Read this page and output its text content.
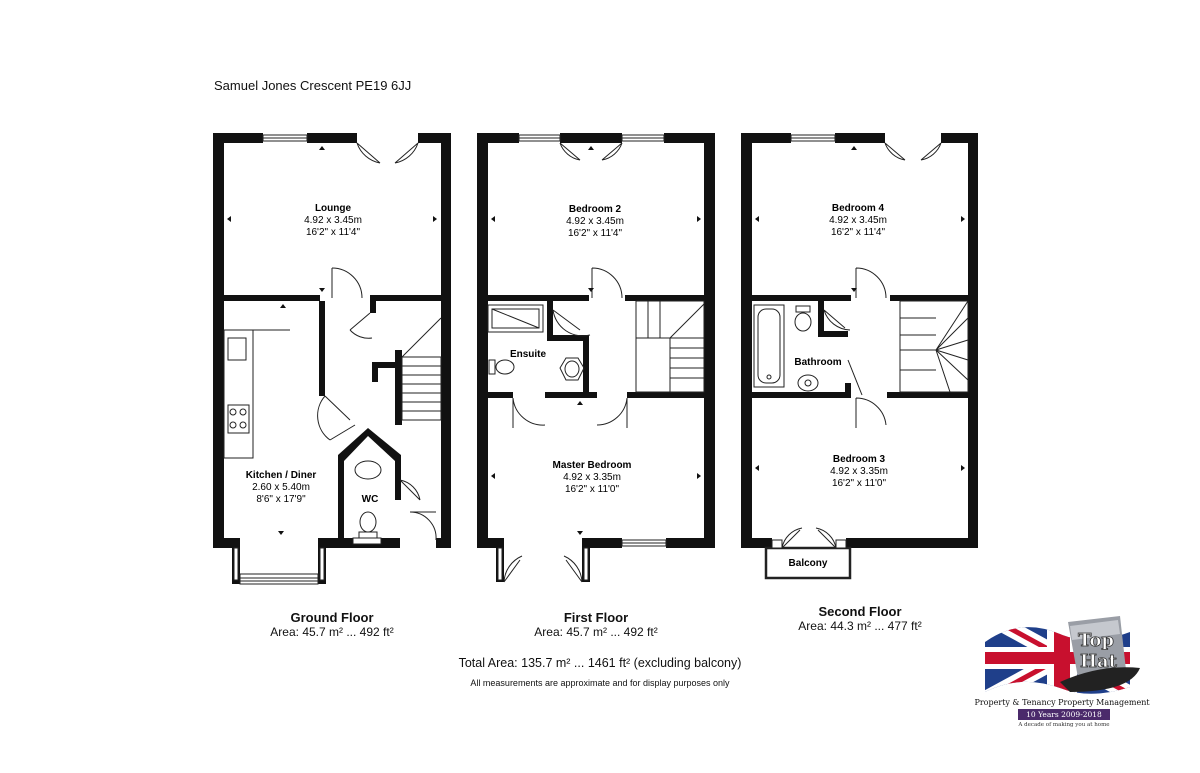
Samuel Jones Crescent PE19 6JJ
Lounge
4.92 x 3.45m
16'2" x 11'4"
Kitchen / Diner
2.60 x 5.40m
8'6" x 17'9"	WC
Bedroom 2
4.92 x 3.45m
16'2" x 11'4"
Ensuite
Master Bedroom
4.92 x 3.35m
16'2" x 11'0"
Bedroom 4
4.92 x 3.45m
16'2" x 11'4"
Bathroom
Bedroom 3
4.92 x 3.35m
16'2" x 11'0"
Balcony
Ground Floor
Area: 45.7 m² ... 492 ft²
First Floor
Area: 45.7 m² ... 492 ft²
Second Floor
Area: 44.3 m² ... 477 ft²
Total Area: 135.7 m² ... 1461 ft² (excluding balcony)
All measurements are approximate and for display purposes only
Top
Hat
Property & Tenancy Property Management
10 Years 2009-2018
A decade of making you at home
